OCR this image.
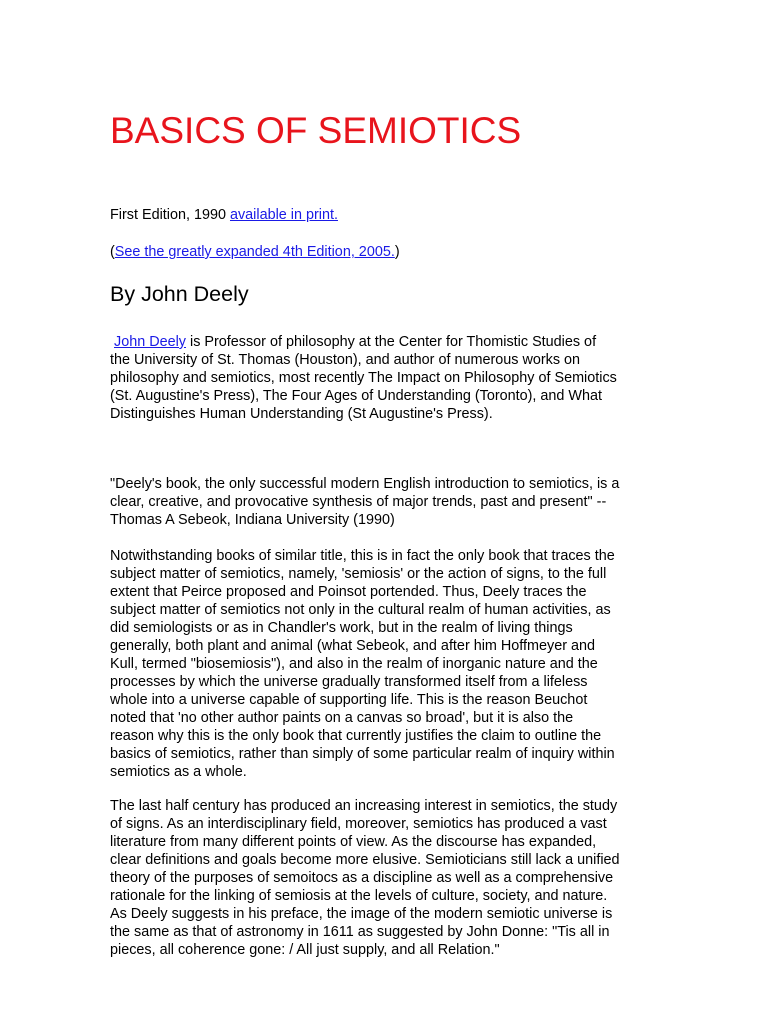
BASICS OF SEMIOTICS

First Edition, 1990 available in print.

(See the greatly expanded 4th Edition, 2005.)

By John Deely

John Deely is Professor of philosophy at the Center for Thomistic Studies of
the University of St. Thomas (Houston), and author of numerous works on
philosophy and semiotics, most recently The Impact on Philosophy of Semiotics
(St. Augustine's Press), The Four Ages of Understanding (Toronto), and What
Distinguishes Human Understanding (St Augustine's Press).

"Deely's book, the only successful modern English introduction to semiotics, is a
clear, creative, and provocative synthesis of major trends, past and present" --
Thomas A Sebeok, Indiana University (1990)

Notwithstanding books of similar title, this is in fact the only book that traces the
subject matter of semiotics, namely, 'semiosis' or the action of signs, to the full
extent that Peirce proposed and Poinsot portended. Thus, Deely traces the
subject matter of semiotics not only in the cultural realm of human activities, as
did semiologists or as in Chandler's work, but in the realm of living things
generally, both plant and animal (what Sebeok, and after him Hoffmeyer and
Kull, termed "biosemiosis"), and also in the realm of inorganic nature and the
processes by which the universe gradually transformed itself from a lifeless
whole into a universe capable of supporting life. This is the reason Beuchot
noted that 'no other author paints on a canvas so broad', but it is also the
reason why this is the only book that currently justifies the claim to outline the
basics of semiotics, rather than simply of some particular realm of inquiry within
semiotics as a whole.

The last half century has produced an increasing interest in semiotics, the study
of signs. As an interdisciplinary field, moreover, semiotics has produced a vast
literature from many different points of view. As the discourse has expanded,
clear definitions and goals become more elusive. Semioticians still lack a unified
theory of the purposes of semoitocs as a discipline as well as a comprehensive
rationale for the linking of semiosis at the levels of culture, society, and nature.
As Deely suggests in his preface, the image of the modern semiotic universe is
the same as that of astronomy in 1611 as suggested by John Donne: "Tis all in
pieces, all coherence gone: / All just supply, and all Relation."
